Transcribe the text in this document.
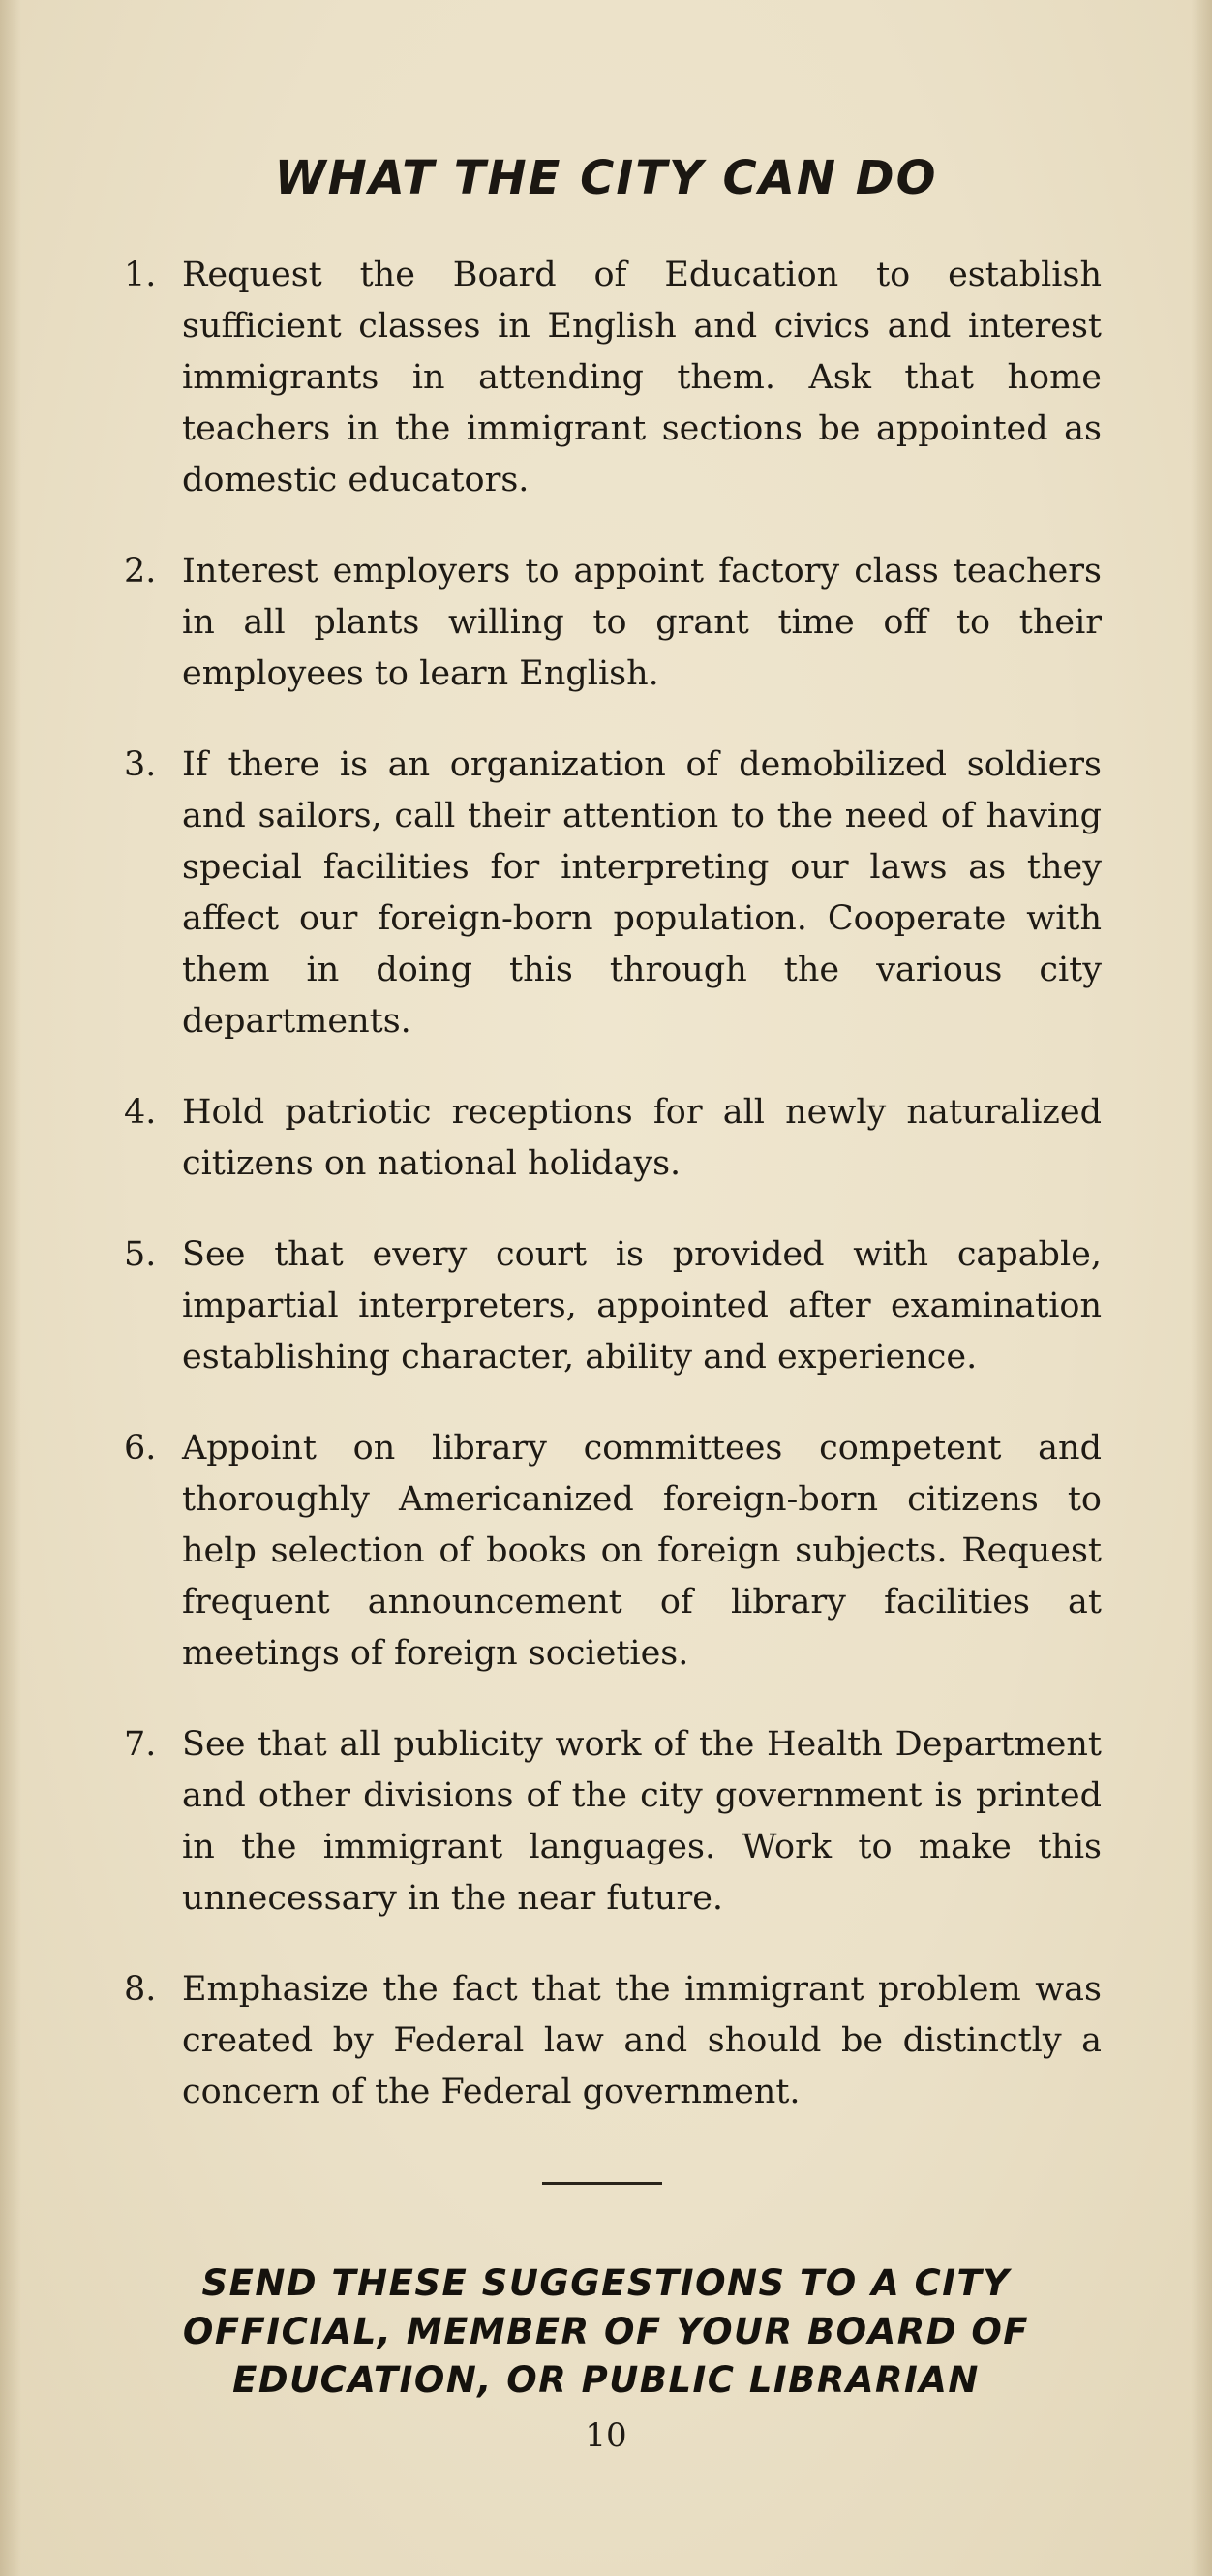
WHAT THE CITY CAN DO
1. Request the Board of Education to establish sufficient classes in English and civics and interest immigrants in attending them. Ask that home teachers in the immigrant sections be appointed as domestic educators.
2. Interest employers to appoint factory class teachers in all plants willing to grant time off to their employees to learn English.
3. If there is an organization of demobilized soldiers and sailors, call their attention to the need of having special facilities for interpreting our laws as they affect our foreign-born population. Cooperate with them in doing this through the various city departments.
4. Hold patriotic receptions for all newly naturalized citizens on national holidays.
5. See that every court is provided with capable, impartial interpreters, appointed after examination establishing character, ability and experience.
6. Appoint on library committees competent and thoroughly Americanized foreign-born citizens to help selection of books on foreign subjects. Request frequent announcement of library facilities at meetings of foreign societies.
7. See that all publicity work of the Health Department and other divisions of the city government is printed in the immigrant languages. Work to make this unnecessary in the near future.
8. Emphasize the fact that the immigrant problem was created by Federal law and should be distinctly a concern of the Federal government.

SEND THESE SUGGESTIONS TO A CITY OFFICIAL, MEMBER OF YOUR BOARD OF EDUCATION, OR PUBLIC LIBRARIAN

10
